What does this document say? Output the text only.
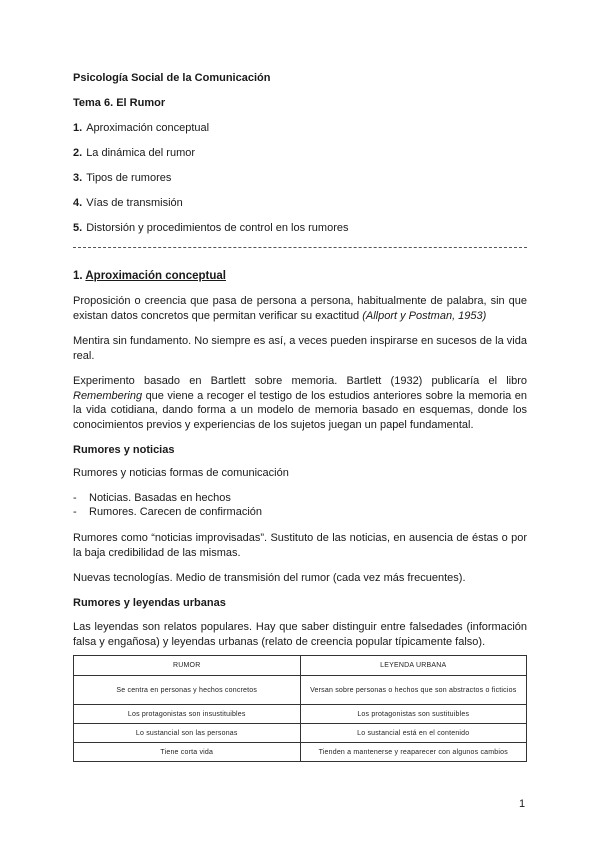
Psicología Social de la Comunicación

Tema 6. El Rumor

1. Aproximación conceptual

2. La dinámica del rumor

3. Tipos de rumores

4. Vías de transmisión

5. Distorsión y procedimientos de control en los rumores

1. Aproximación conceptual

Proposición o creencia que pasa de persona a persona, habitualmente de palabra, sin que existan datos concretos que permitan verificar su exactitud (Allport y Postman, 1953)

Mentira sin fundamento. No siempre es así, a veces pueden inspirarse en sucesos de la vida real.

Experimento basado en Bartlett sobre memoria. Bartlett (1932) publicaría el libro Remembering que viene a recoger el testigo de los estudios anteriores sobre la memoria en la vida cotidiana, dando forma a un modelo de memoria basado en esquemas, donde los conocimientos previos y experiencias de los sujetos juegan un papel fundamental.

Rumores y noticias

Rumores y noticias formas de comunicación

- Noticias. Basadas en hechos
- Rumores. Carecen de confirmación

Rumores como “noticias improvisadas”. Sustituto de las noticias, en ausencia de éstas o por la baja credibilidad de las mismas.

Nuevas tecnologías. Medio de transmisión del rumor (cada vez más frecuentes).

Rumores y leyendas urbanas

Las leyendas son relatos populares. Hay que saber distinguir entre falsedades (información falsa y engañosa) y leyendas urbanas (relato de creencia popular típicamente falso).

RUMOR	LEYENDA URBANA
Se centra en personas y hechos concretos	Versan sobre personas o hechos que son abstractos o ficticios
Los protagonistas son insustituibles	Los protagonistas son sustituibles
Lo sustancial son las personas	Lo sustancial está en el contenido
Tiene corta vida	Tienden a mantenerse y reaparecer con algunos cambios
1
